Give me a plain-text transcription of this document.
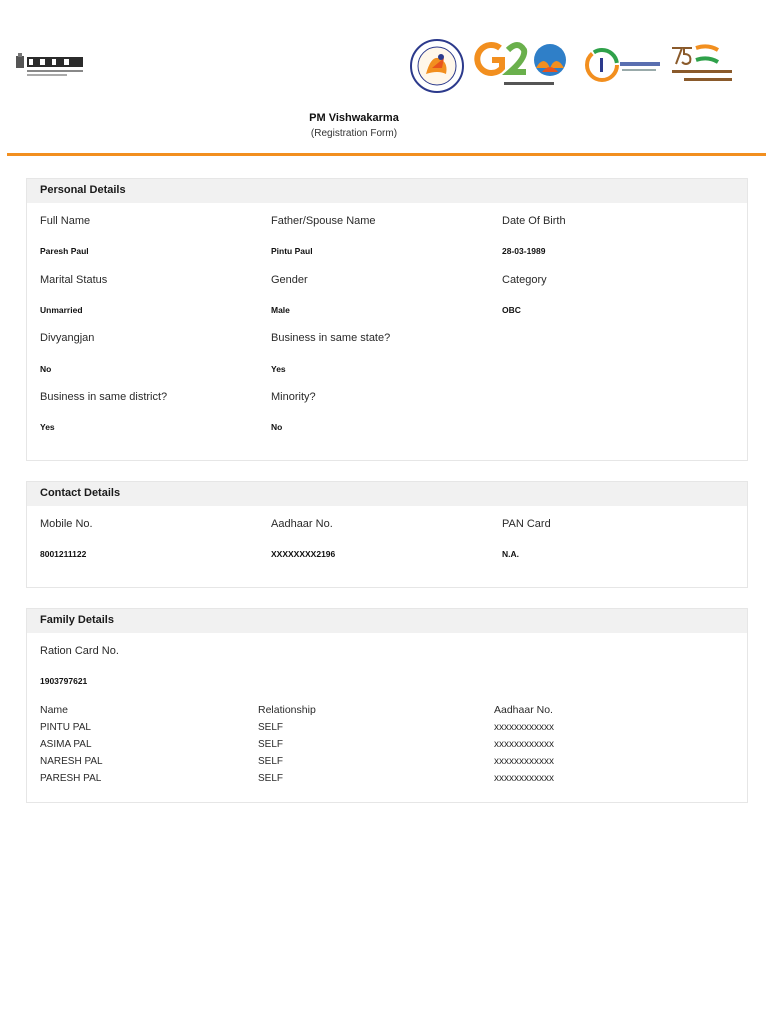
PM Vishwakarma
(Registration Form)
Personal Details
Full Name
Paresh Paul
Father/Spouse Name
Pintu Paul
Date Of Birth
28-03-1989
Marital Status
Unmarried
Gender
Male
Category
OBC
Divyangjan
No
Business in same state?
Yes
Business in same district?
Yes
Minority?
No
Contact Details
Mobile No.
8001211122
Aadhaar No.
XXXXXXXX2196
PAN Card
N.A.
Family Details
Ration Card No.
1903797621
Name	Relationship	Aadhaar No.
PINTU PAL	SELF	xxxxxxxxxxxx
ASIMA PAL	SELF	xxxxxxxxxxxx
NARESH PAL	SELF	xxxxxxxxxxxx
PARESH PAL	SELF	xxxxxxxxxxxx
